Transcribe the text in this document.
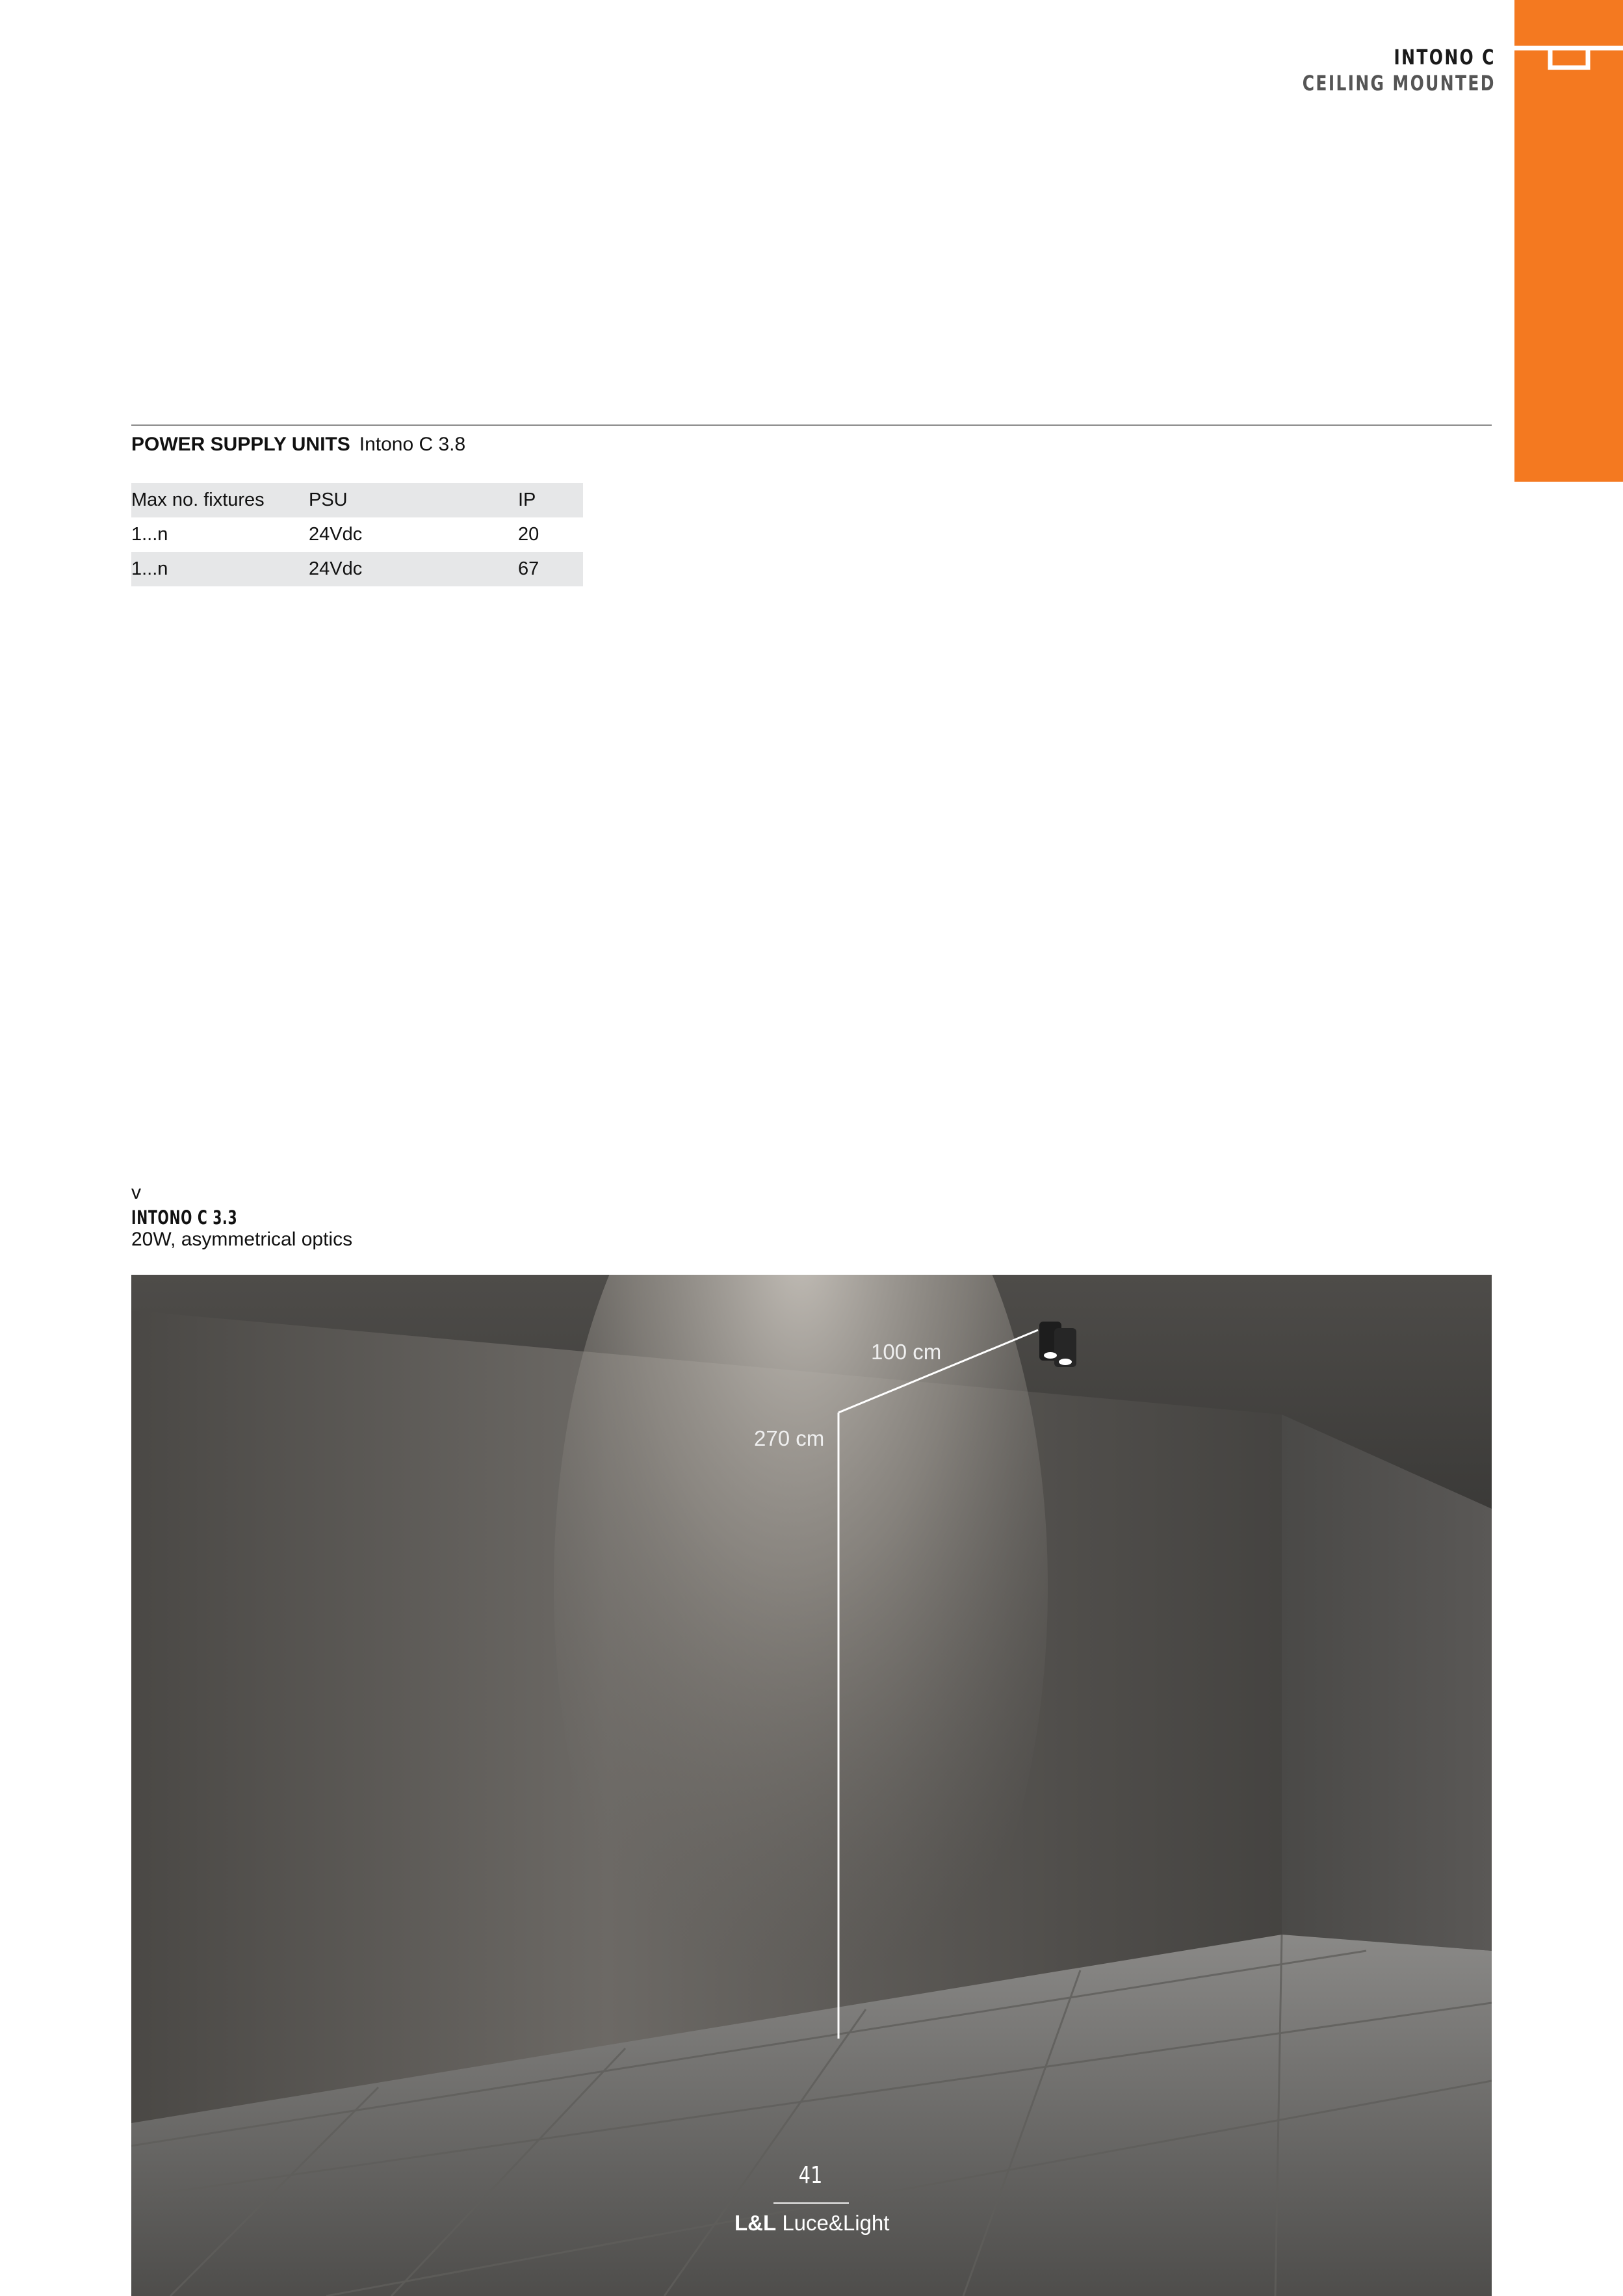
INTONO C
CEILING MOUNTED
POWER SUPPLY UNITS Intono C 3.8
Max no. fixtures	PSU	IP
1...n	24Vdc	20
1...n	24Vdc	67
v
INTONO C 3.3
20W, asymmetrical optics
100 cm
270 cm
41
L&L Luce&Light
